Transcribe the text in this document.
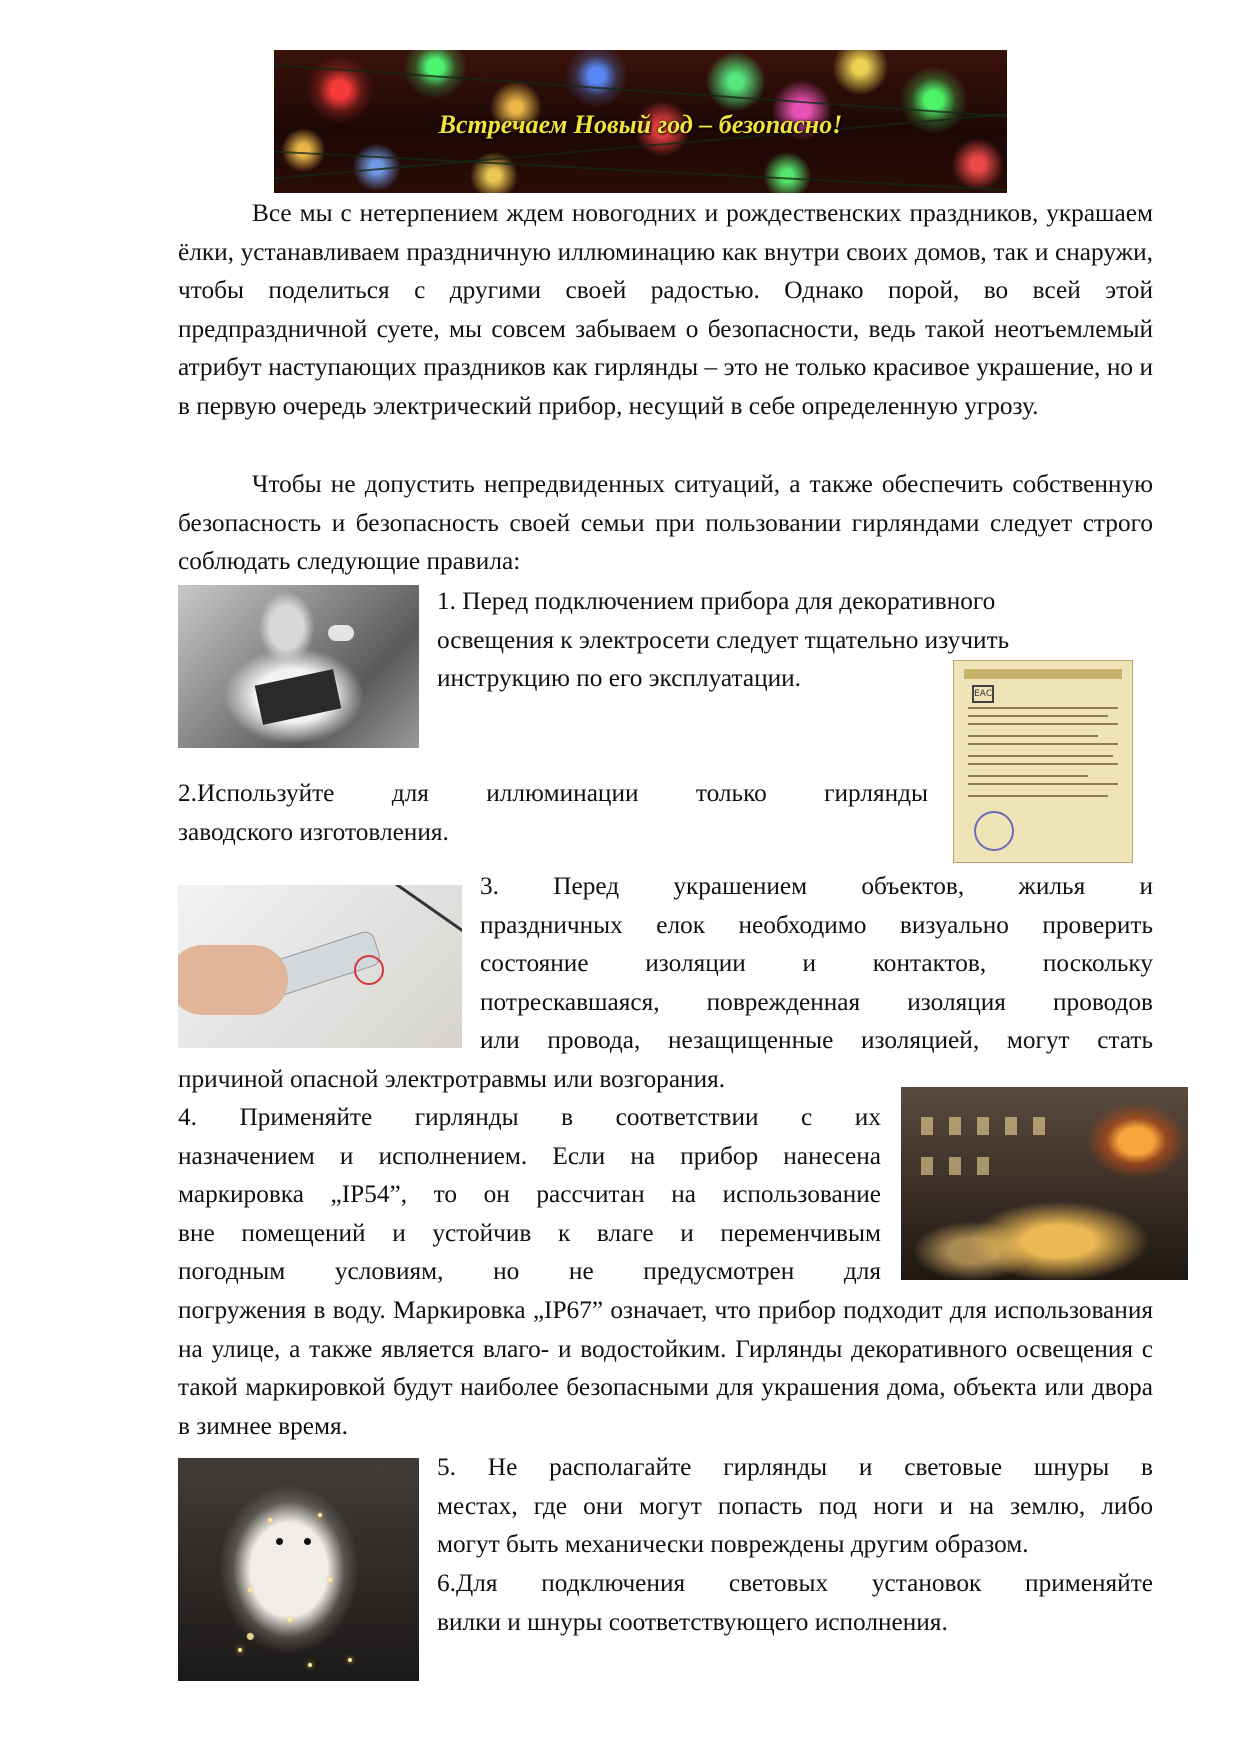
Встречаем Новый год – безопасно!
Все мы с нетерпением ждем новогодних и рождественских праздников, украшаем ёлки, устанавливаем праздничную иллюминацию как внутри своих домов, так и снаружи, чтобы поделиться с другими своей радостью. Однако порой, во всей этой предпраздничной суете, мы совсем забываем о безопасности, ведь такой неотъемлемый атрибут наступающих праздников как гирлянды – это не только красивое украшение, но и в первую очередь электрический прибор, несущий в себе определенную угрозу.
Чтобы не допустить непредвиденных ситуаций, а также обеспечить собственную безопасность и безопасность своей семьи при пользовании гирляндами следует строго соблюдать следующие правила:
1. Перед подключением прибора для декоративного
освещения к электросети следует тщательно изучить
инструкцию по его эксплуатации.
ЕАС
2.Используйте для иллюминации только гирлянды
заводского изготовления.
3. Перед украшением объектов, жилья и
праздничных елок необходимо визуально проверить
состояние изоляции и контактов, поскольку
потрескавшаяся, поврежденная изоляция проводов
или провода, незащищенные изоляцией, могут стать
причиной опасной электротравмы или возгорания.
4. Применяйте гирлянды в соответствии с их
назначением и исполнением. Если на прибор нанесена
маркировка „IP54”, то он рассчитан на использование
вне помещений и устойчив к влаге и переменчивым
погодным условиям, но не предусмотрен для
погружения в воду. Маркировка „IP67” означает, что прибор подходит для использования на улице, а также является влаго- и водостойким. Гирлянды декоративного освещения с такой маркировкой будут наиболее безопасными для украшения дома, объекта или двора в зимнее время.
5. Не располагайте гирлянды и световые шнуры в
местах, где они могут попасть под ноги и на землю, либо
могут быть механически повреждены другим образом.
6.Для подключения световых установок применяйте
вилки и шнуры соответствующего исполнения.
